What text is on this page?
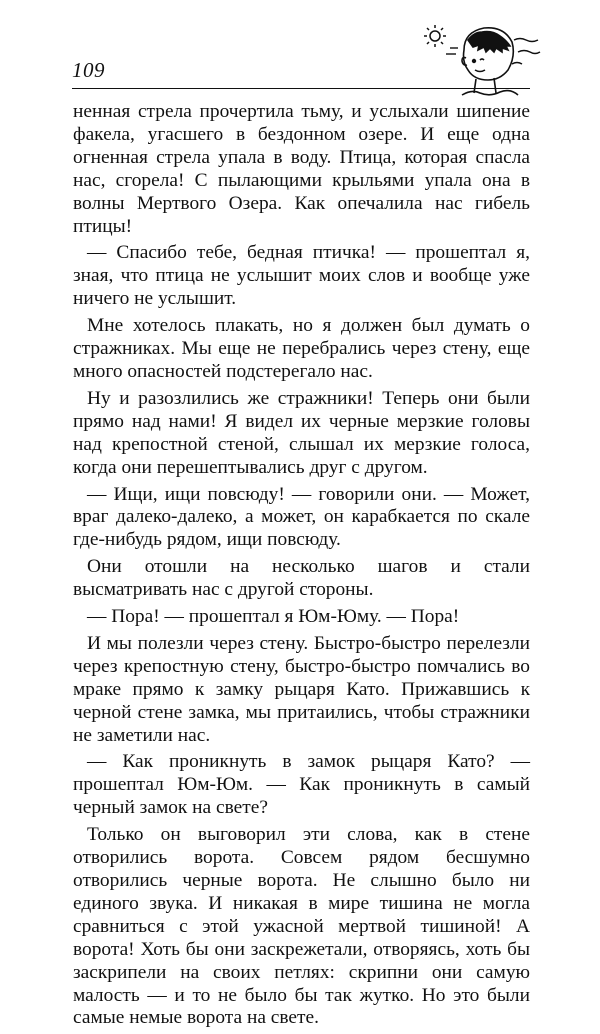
109

ненная стрела прочертила тьму, и услыхали шипение факела, угасшего в бездонном озере. И еще одна огненная стрела упала в воду. Птица, которая спасла нас, сгорела! С пылающими крыльями упала она в волны Мертвого Озера. Как опечалила нас гибель птицы!

— Спасибо тебе, бедная птичка! — прошептал я, зная, что птица не услышит моих слов и вообще уже ничего не услышит.

Мне хотелось плакать, но я должен был думать о стражниках. Мы еще не перебрались через стену, еще много опасностей подстерегало нас.

Ну и разозлились же стражники! Теперь они были прямо над нами! Я видел их черные мерзкие головы над крепостной стеной, слышал их мерзкие голоса, когда они перешептывались друг с другом.

— Ищи, ищи повсюду! — говорили они. — Может, враг далеко-далеко, а может, он карабкается по скале где-нибудь рядом, ищи повсюду.

Они отошли на несколько шагов и стали высматривать нас с другой стороны.

— Пора! — прошептал я Юм-Юму. — Пора!

И мы полезли через стену. Быстро-быстро перелезли через крепостную стену, быстро-быстро помчались во мраке прямо к замку рыцаря Като. Прижавшись к черной стене замка, мы притаились, чтобы стражники не заметили нас.

— Как проникнуть в замок рыцаря Като? — прошептал Юм-Юм. — Как проникнуть в самый черный замок на свете?

Только он выговорил эти слова, как в стене отворились ворота. Совсем рядом бесшумно отворились черные ворота. Не слышно было ни единого звука. И никакая в мире тишина не могла сравниться с этой ужасной мертвой тишиной! А ворота! Хоть бы они заскрежетали, отворяясь, хоть бы заскрипели на своих петлях: скрипни они самую малость — и то не было бы так жутко. Но это были самые немые ворота на свете.
